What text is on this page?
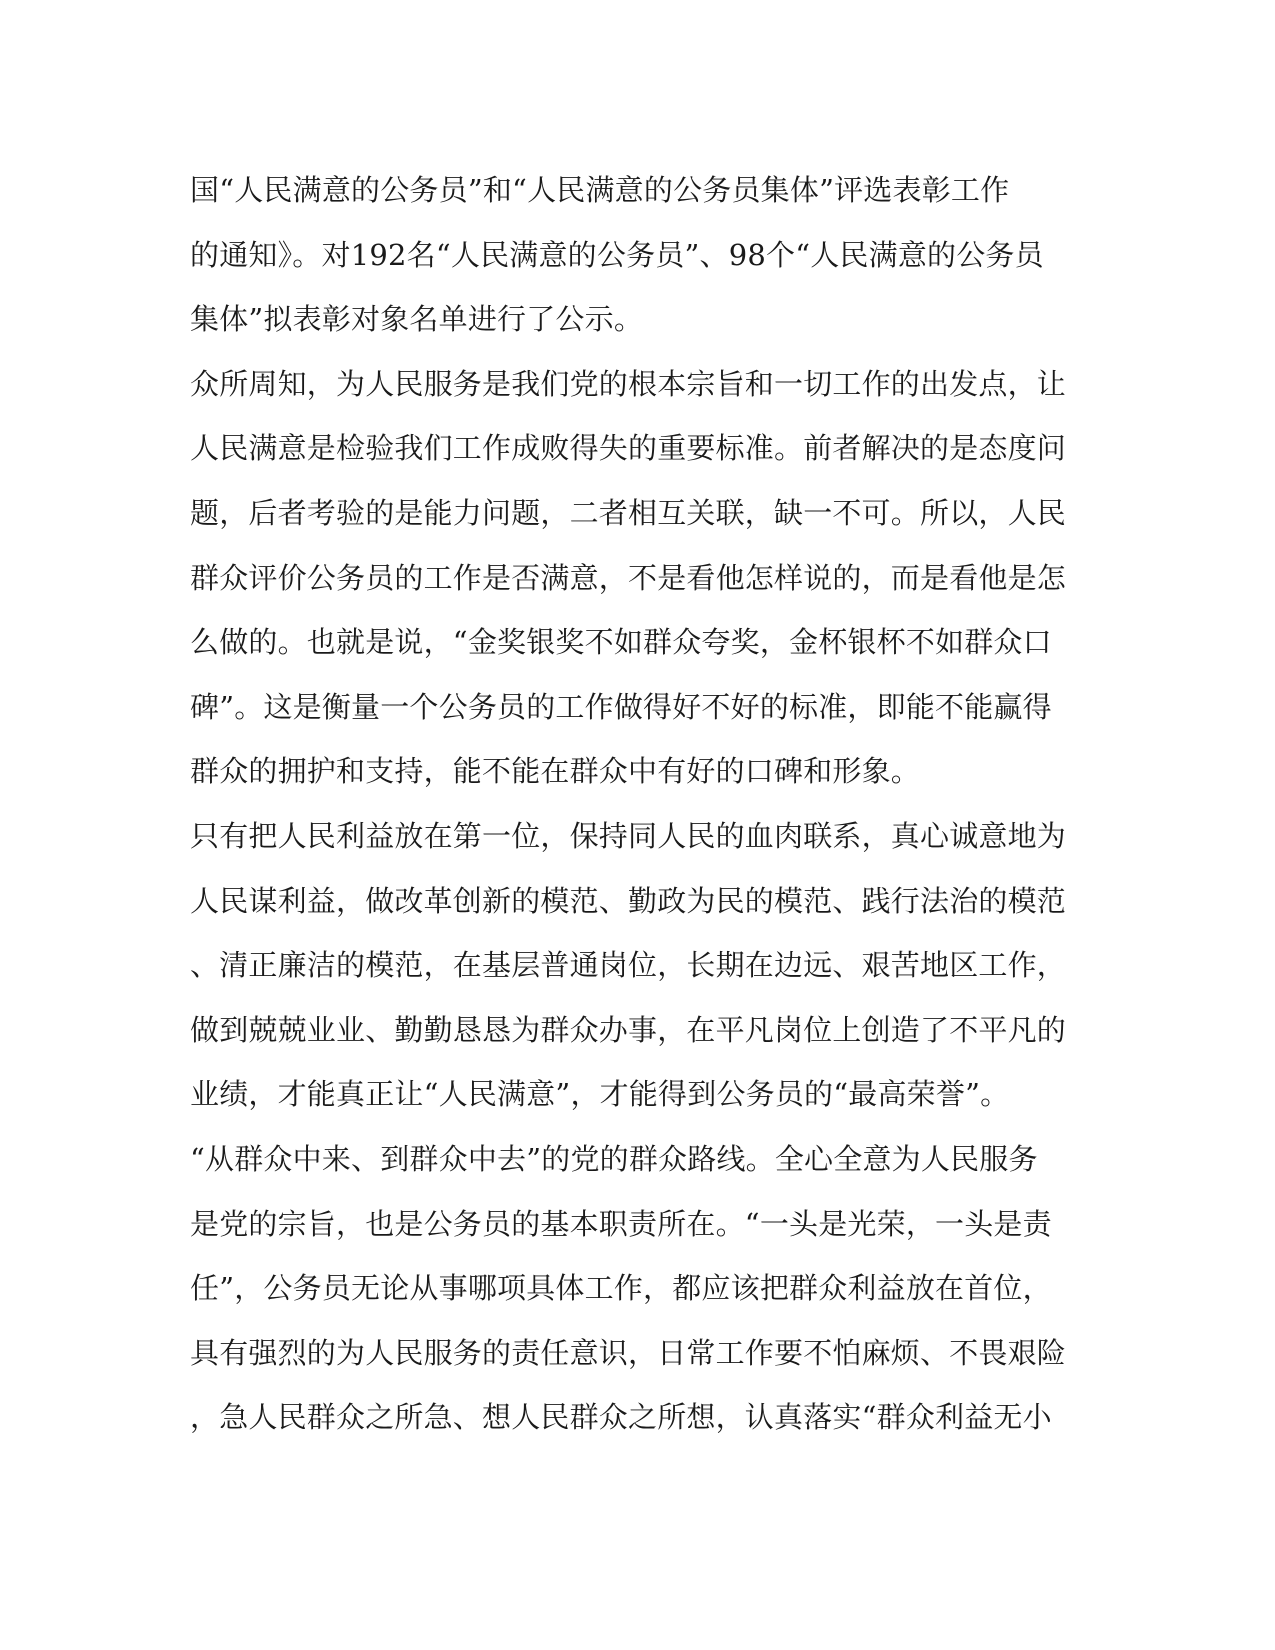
国“人民满意的公务员”和“人民满意的公务员集体”评选表彰工作
的通知》。对192名“人民满意的公务员”、98个“人民满意的公务员
集体”拟表彰对象名单进行了公示。
众所周知，为人民服务是我们党的根本宗旨和一切工作的出发点，让
人民满意是检验我们工作成败得失的重要标准。前者解决的是态度问
题，后者考验的是能力问题，二者相互关联，缺一不可。所以，人民
群众评价公务员的工作是否满意，不是看他怎样说的，而是看他是怎
么做的。也就是说，“金奖银奖不如群众夸奖，金杯银杯不如群众口
碑”。这是衡量一个公务员的工作做得好不好的标准，即能不能赢得
群众的拥护和支持，能不能在群众中有好的口碑和形象。
只有把人民利益放在第一位，保持同人民的血肉联系，真心诚意地为
人民谋利益，做改革创新的模范、勤政为民的模范、践行法治的模范
、清正廉洁的模范，在基层普通岗位，长期在边远、艰苦地区工作，
做到兢兢业业、勤勤恳恳为群众办事，在平凡岗位上创造了不平凡的
业绩，才能真正让“人民满意”，才能得到公务员的“最高荣誉”。
“从群众中来、到群众中去”的党的群众路线。全心全意为人民服务
是党的宗旨，也是公务员的基本职责所在。“一头是光荣，一头是责
任”，公务员无论从事哪项具体工作，都应该把群众利益放在首位，
具有强烈的为人民服务的责任意识，日常工作要不怕麻烦、不畏艰险
，急人民群众之所急、想人民群众之所想，认真落实“群众利益无小
